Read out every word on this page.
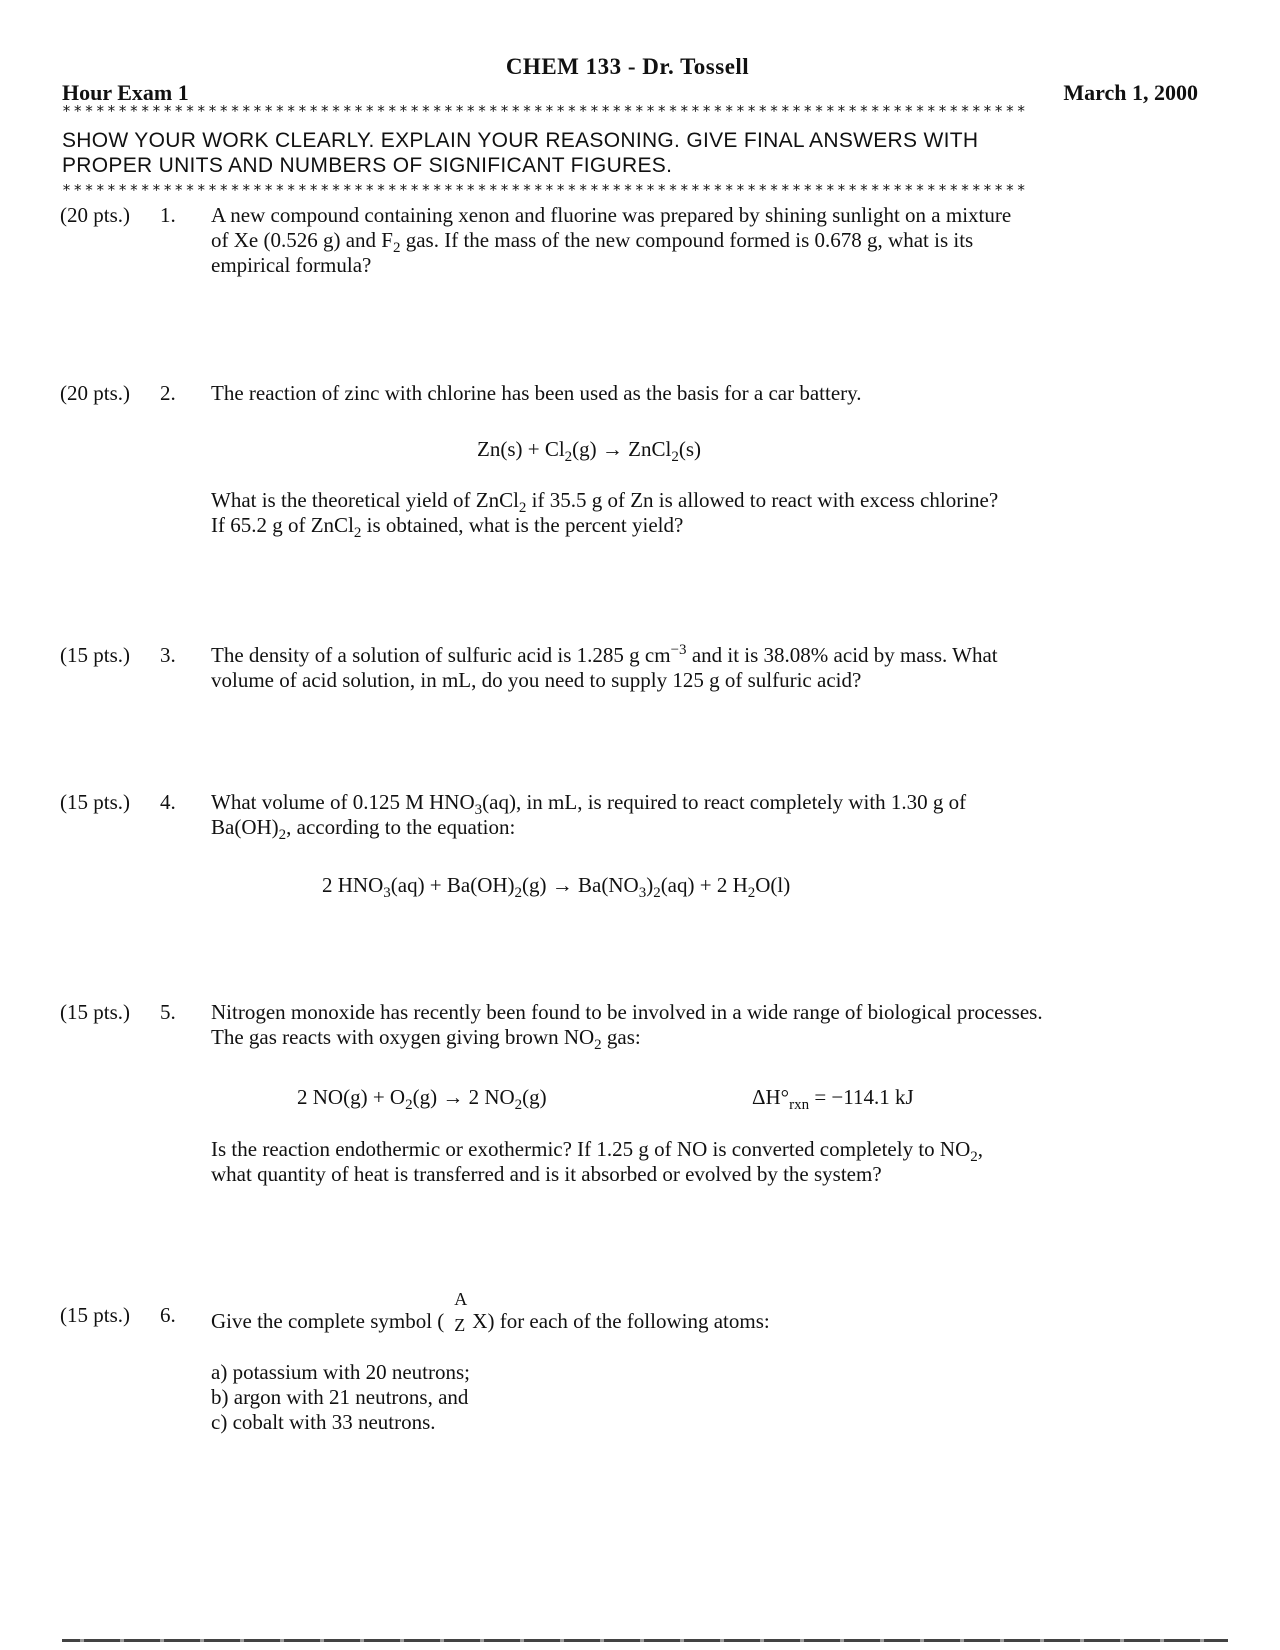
CHEM 133 - Dr. Tossell
Hour Exam 1	March 1, 2000
**************************************************************************************
SHOW YOUR WORK CLEARLY. EXPLAIN YOUR REASONING. GIVE FINAL ANSWERS WITH
PROPER UNITS AND NUMBERS OF SIGNIFICANT FIGURES.
**************************************************************************************
(20 pts.) 1. A new compound containing xenon and fluorine was prepared by shining sunlight on a mixture
of Xe (0.526 g) and $F_2$ gas. If the mass of the new compound formed is 0.678 g, what is its
empirical formula?
(20 pts.) 2. The reaction of zinc with chlorine has been used as the basis for a car battery.
$Zn(s) + Cl_2(g)$ → ZnCl$_2$(s)
What is the theoretical yield of ZnCl$_2$ if 35.5 g of Zn is allowed to react with excess chlorine?
If 65.2 g of ZnCl$_2$ is obtained, what is the percent yield?
(15 pts.) 3. The density of a solution of sulfuric acid is 1.285 g $cm^{-3}$ and it is 38.08% acid by mass. What
volume of acid solution, in mL, do you need to supply 125 g of sulfuric acid?
(15 pts.) 4. What volume of 0.125 M $HNO_3(aq)$, in mL, is required to react completely with 1.30 g of
$Ba(OH)_2$, according to the equation:
2 $HNO_3(aq) + Ba(OH)_2(g) \to Ba(NO_3)_2(aq) + 2$ $H_2O(l)$
(15 pts.) 5. Nitrogen monoxide has recently been found to be involved in a wide range of biological processes.
The gas reacts with oxygen giving brown $NO_2$ gas:
2 $NO(g) + O_2(g) \to 2$ $NO_2(g)$	$\Delta H^\circ_{rxn} = -114.1$ kJ
Is the reaction endothermic or exothermic? If 1.25 g of NO is converted completely to $NO_2$,
what quantity of heat is transferred and is it absorbed or evolved by the system?
(15 pts.) 6. Give the complete symbol (
A
Z X) for each of the following atoms:
a) potassium with 20 neutrons;
b) argon with 21 neutrons, and
c) cobalt with 33 neutrons.
